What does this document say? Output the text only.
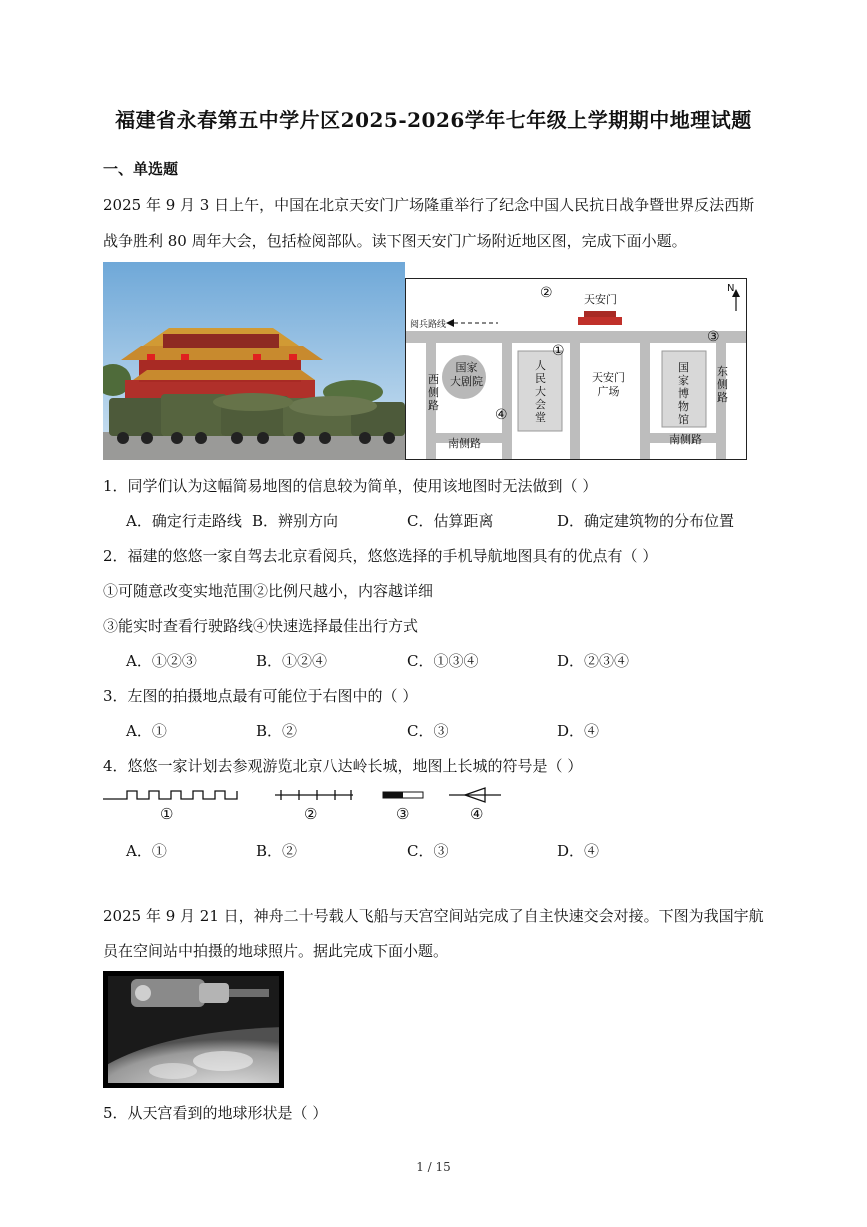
福建省永春第五中学片区2025-2026学年七年级上学期期中地理试题
一、单选题
2025 年 9 月 3 日上午，中国在北京天安门广场隆重举行了纪念中国人民抗日战争暨世界反法西斯
战争胜利 80 周年大会，包括检阅部队。读下图天安门广场附近地区图，完成下面小题。
N
天安门
阅兵路线
②
①
③
④
国家
大剧院
人
民
大
会
堂
天安门
广场
国
家
博
物
馆
西
侧
路
东
侧
路
南侧路	南侧路
1．同学们认为这幅简易地图的信息较为简单，使用该地图时无法做到（ ）
A．确定行走路线 B．辨别方向	C．估算距离	D．确定建筑物的分布位置
2．福建的悠悠一家自驾去北京看阅兵，悠悠选择的手机导航地图具有的优点有（ ）
①可随意改变实地范围②比例尺越小，内容越详细
③能实时查看行驶路线④快速选择最佳出行方式
A．①②③	B．①②④	C．①③④	D．②③④
3．左图的拍摄地点最有可能位于右图中的（ ）
A．①	B．②	C．③	D．④
4．悠悠一家计划去参观游览北京八达岭长城，地图上长城的符号是（ ）
①	②	③	④
A．①	B．②	C．③	D．④
2025 年 9 月 21 日，神舟二十号载人飞船与天宫空间站完成了自主快速交会对接。下图为我国宇航
员在空间站中拍摄的地球照片。据此完成下面小题。
5．从天宫看到的地球形状是（ ）
1 / 15
